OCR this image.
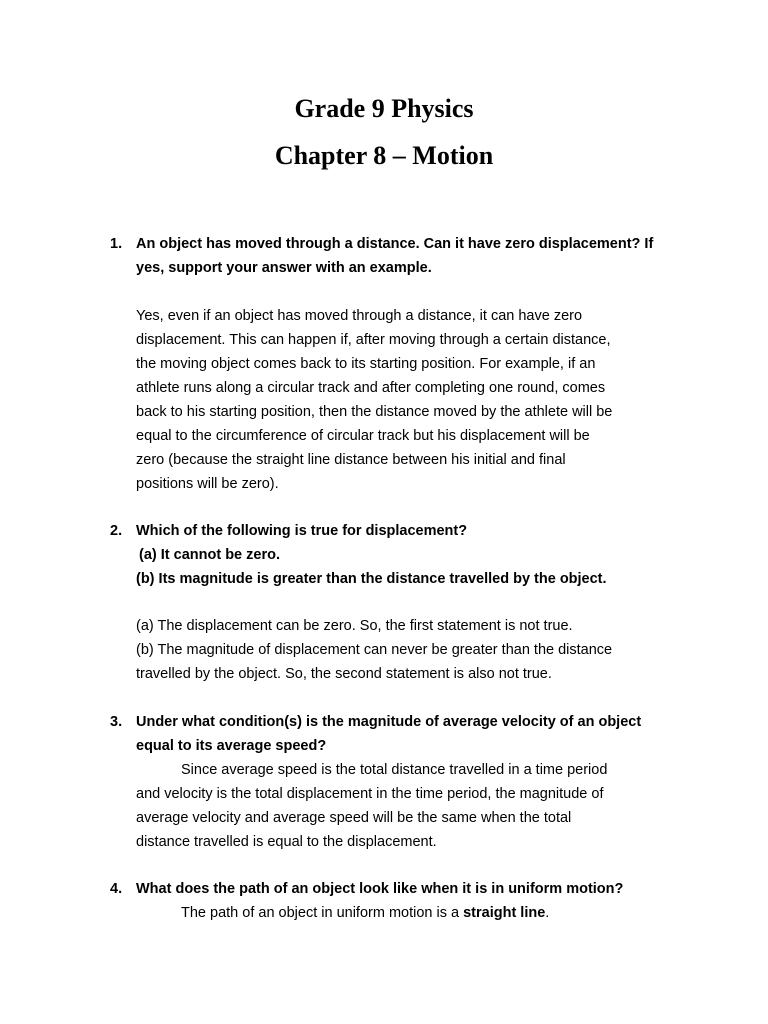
Grade 9 Physics
Chapter 8 – Motion
1. An object has moved through a distance. Can it have zero displacement? If
yes, support your answer with an example.
Yes, even if an object has moved through a distance, it can have zero
displacement. This can happen if, after moving through a certain distance,
the moving object comes back to its starting position. For example, if an
athlete runs along a circular track and after completing one round, comes
back to his starting position, then the distance moved by the athlete will be
equal to the circumference of circular track but his displacement will be
zero (because the straight line distance between his initial and final
positions will be zero).
2. Which of the following is true for displacement?
(a) It cannot be zero.
(b) Its magnitude is greater than the distance travelled by the object.
(a) The displacement can be zero. So, the first statement is not true.
(b) The magnitude of displacement can never be greater than the distance
travelled by the object. So, the second statement is also not true.
3. Under what condition(s) is the magnitude of average velocity of an object
equal to its average speed?
Since average speed is the total distance travelled in a time period
and velocity is the total displacement in the time period, the magnitude of
average velocity and average speed will be the same when the total
distance travelled is equal to the displacement.
4. What does the path of an object look like when it is in uniform motion?
The path of an object in uniform motion is a straight line.
